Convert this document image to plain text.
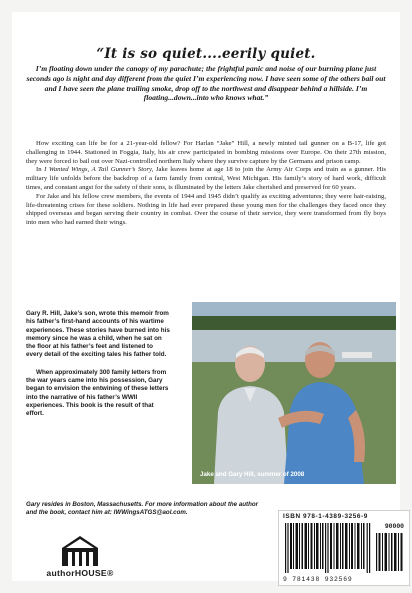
“It is so quiet....eerily quiet.
I’m floating down under the canopy of my parachute; the frightful panic and noise of our burning plane just seconds ago is night and day different from the quiet I’m experiencing now. I have seen some of the others bail out and I have seen the plane trailing smoke, drop off to the northwest and disappear behind a hillside. I’m floating...down...into who knows what.”

How exciting can life be for a 21-year-old fellow? For Harlan “Jake” Hill, a newly minted tail gunner on a B-17, life got challenging in 1944. Stationed in Foggia, Italy, his air crew participated in bombing missions over Europe. On their 27th mission, they were forced to bail out over Nazi-controlled northern Italy where they survive capture by the Germans and prison camp.

In I Wanted Wings, A Tail Gunner’s Story, Jake leaves home at age 18 to join the Army Air Corps and train as a gunner. His military life unfolds before the backdrop of a farm family from central, West Michigan. His family’s story of hard work, difficult times, and constant angst for the safety of their sons, is illuminated by the letters Jake cherished and preserved for 60 years.

For Jake and his fellow crew members, the events of 1944 and 1945 didn’t qualify as exciting adventures; they were hair-raising, life-threatening crises for these soldiers. Nothing in life had ever prepared these young men for the challenges they faced once they shipped overseas and began serving their country in combat. Over the course of their service, they were transformed from fly boys into men who had earned their wings.

Gary R. Hill, Jake’s son, wrote this memoir from his father’s first-hand accounts of his wartime experiences. These stories have burned into his memory since he was a child, when he sat on the floor at his father’s feet and listened to every detail of the exciting tales his father told.

When approximately 300 family letters from the war years came into his possession, Gary began to envision the entwining of these letters into the narrative of his father’s WWII experiences. This book is the result of that effort.

Jake and Gary Hill, summer of 2008
Gary resides in Boston, Massachusetts. For more information about the author and the book, contact him at: IWWingsATGS@aol.com.
authorHOUSE®
ISBN 978-1-4389-3256-9
90000
9 781438 932569
